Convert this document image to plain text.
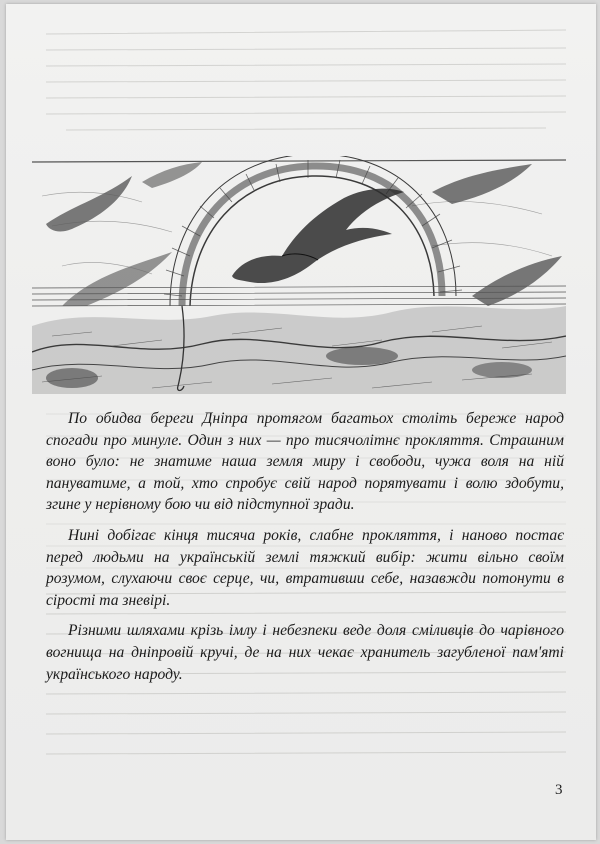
По обидва береги Дніпра протягом багатьох століть береже народ спогади про минуле. Один з них — про тисячолітнє прокляття. Страшним воно було: не знатиме наша земля миру і свободи, чужа воля на ній пануватиме, а той, хто спробує свій народ порятувати і волю здобути, згине у нерівному бою чи від підступної зради.

Нині добігає кінця тисяча років, слабне прокляття, і наново постає перед людьми на українській землі тяжкий вибір: жити вільно своїм розумом, слухаючи своє серце, чи, втративши себе, назавжди потонути в сірості та зневірі.

Різними шляхами крізь імлу і небезпеки веде доля сміливців до чарівного вогнища на дніпровій кручі, де на них чекає хранитель загубленої пам'яті українського народу.

3
